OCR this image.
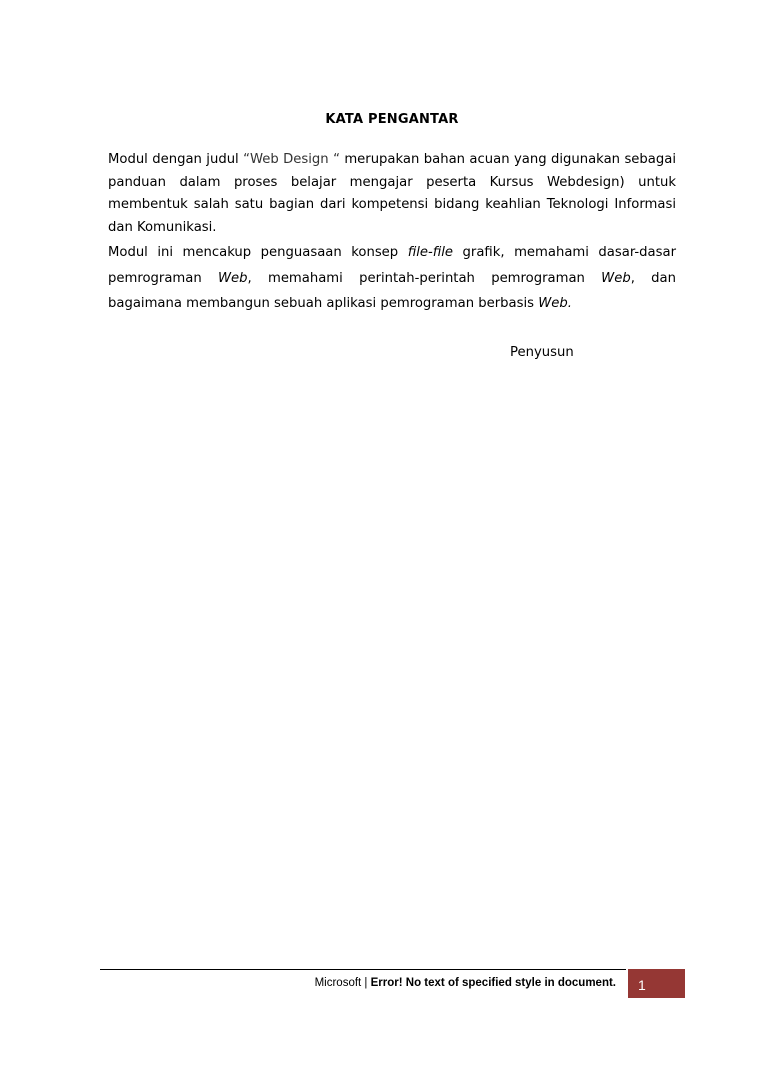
KATA PENGANTAR

Modul dengan judul “Web Design “ merupakan bahan acuan yang digunakan sebagai panduan dalam proses belajar mengajar peserta Kursus Webdesign) untuk membentuk salah satu bagian dari kompetensi bidang keahlian Teknologi Informasi dan Komunikasi.

Modul ini mencakup penguasaan konsep file-file grafik, memahami dasar-dasar pemrograman Web, memahami perintah-perintah pemrograman Web, dan bagaimana membangun sebuah aplikasi pemrograman berbasis Web.

Penyusun
Microsoft | Error! No text of specified style in document.	1
